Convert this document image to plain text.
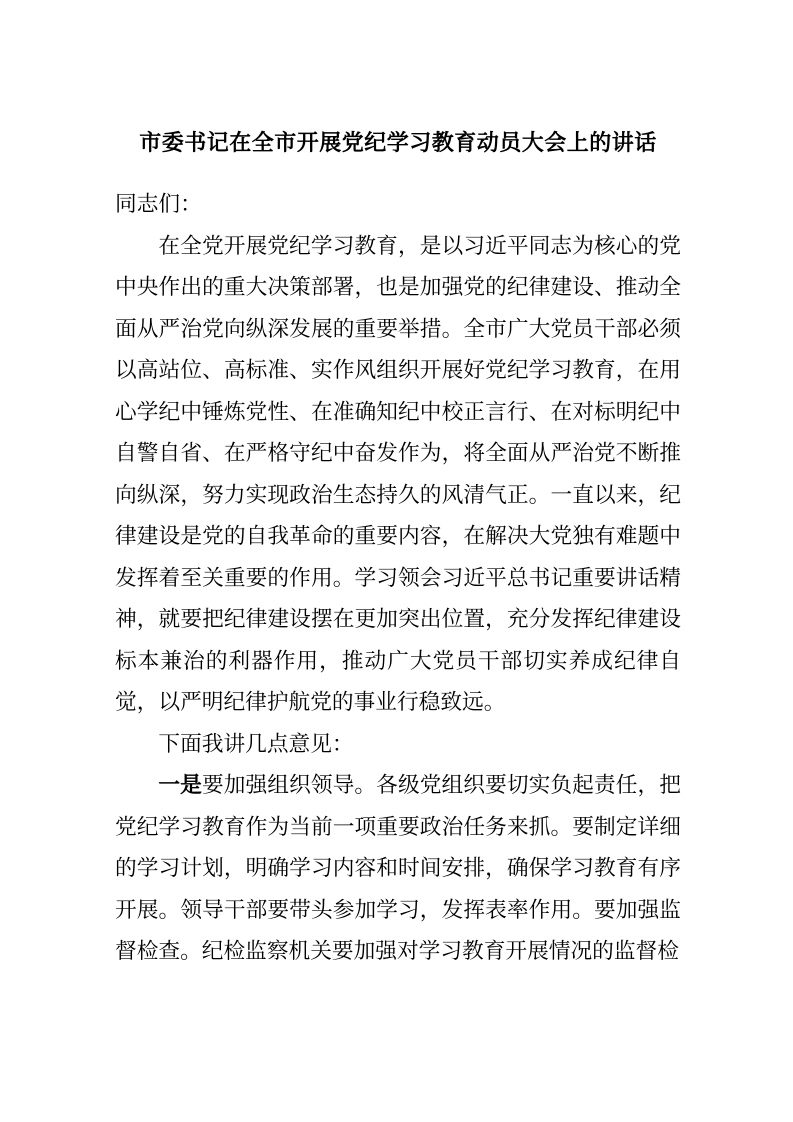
市委书记在全市开展党纪学习教育动员大会上的讲话

同志们：

在全党开展党纪学习教育，是以习近平同志为核心的党中央作出的重大决策部署，也是加强党的纪律建设、推动全面从严治党向纵深发展的重要举措。全市广大党员干部必须以高站位、高标准、实作风组织开展好党纪学习教育，在用心学纪中锤炼党性、在准确知纪中校正言行、在对标明纪中自警自省、在严格守纪中奋发作为，将全面从严治党不断推向纵深，努力实现政治生态持久的风清气正。一直以来，纪律建设是党的自我革命的重要内容，在解决大党独有难题中发挥着至关重要的作用。学习领会习近平总书记重要讲话精神，就要把纪律建设摆在更加突出位置，充分发挥纪律建设标本兼治的利器作用，推动广大党员干部切实养成纪律自觉，以严明纪律护航党的事业行稳致远。

下面我讲几点意见：

一是要加强组织领导。各级党组织要切实负起责任，把党纪学习教育作为当前一项重要政治任务来抓。要制定详细的学习计划，明确学习内容和时间安排，确保学习教育有序开展。领导干部要带头参加学习，发挥表率作用。要加强监督检查。纪检监察机关要加强对学习教育开展情况的监督检
